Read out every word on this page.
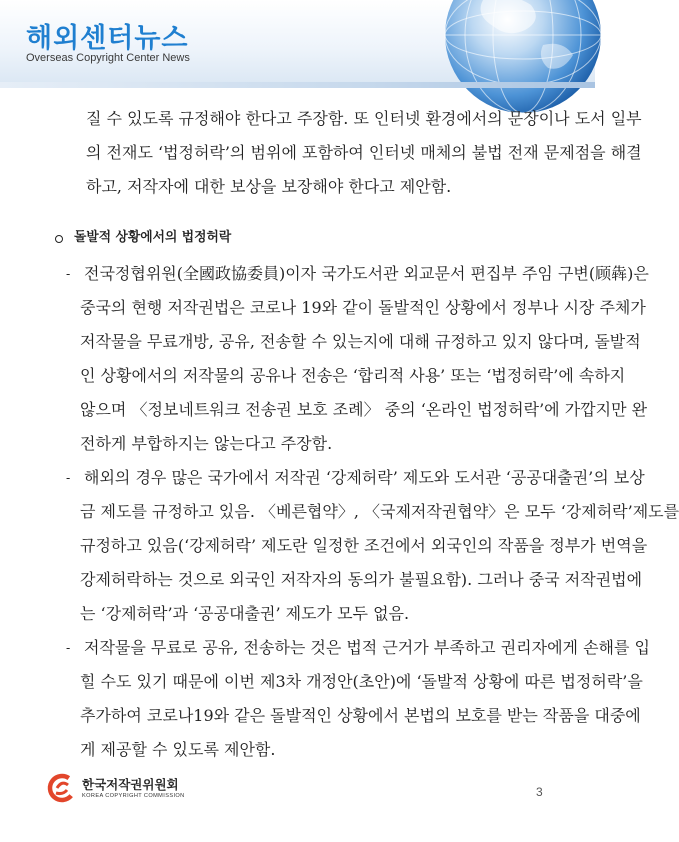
해외센터뉴스
Overseas Copyright Center News
질 수 있도록 규정해야 한다고 주장함. 또 인터넷 환경에서의 문장이나 도서 일부
의 전재도 ‘법정허락’의 범위에 포함하여 인터넷 매체의 불법 전재 문제점을 해결
하고, 저작자에 대한 보상을 보장해야 한다고 제안함.
돌발적 상황에서의 법정허락
- 전국정협위원(全國政協委員)이자 국가도서관 외교문서 편집부 주임 구변(顾犇)은
중국의 현행 저작권법은 코로나 19와 같이 돌발적인 상황에서 정부나 시장 주체가
저작물을 무료개방, 공유, 전송할 수 있는지에 대해 규정하고 있지 않다며, 돌발적
인 상황에서의 저작물의 공유나 전송은 ‘합리적 사용’ 또는 ‘법정허락’에 속하지
않으며 〈정보네트워크 전송권 보호 조례〉 중의 ‘온라인 법정허락’에 가깝지만 완
전하게 부합하지는 않는다고 주장함.
- 해외의 경우 많은 국가에서 저작권 ‘강제허락’ 제도와 도서관 ‘공공대출권’의 보상
금 제도를 규정하고 있음. 〈베른협약〉, 〈국제저작권협약〉은 모두 ‘강제허락’제도를
규정하고 있음(‘강제허락’ 제도란 일정한 조건에서 외국인의 작품을 정부가 번역을
강제허락하는 것으로 외국인 저작자의 동의가 불필요함). 그러나 중국 저작권법에
는 ‘강제허락’과 ‘공공대출권’ 제도가 모두 없음.
- 저작물을 무료로 공유, 전송하는 것은 법적 근거가 부족하고 권리자에게 손해를 입
힐 수도 있기 때문에 이번 제3차 개정안(초안)에 ‘돌발적 상황에 따른 법정허락’을
추가하여 코로나19와 같은 돌발적인 상황에서 본법의 보호를 받는 작품을 대중에
게 제공할 수 있도록 제안함.
한국저작권위원회
KOREA COPYRIGHT COMMISSION	3
